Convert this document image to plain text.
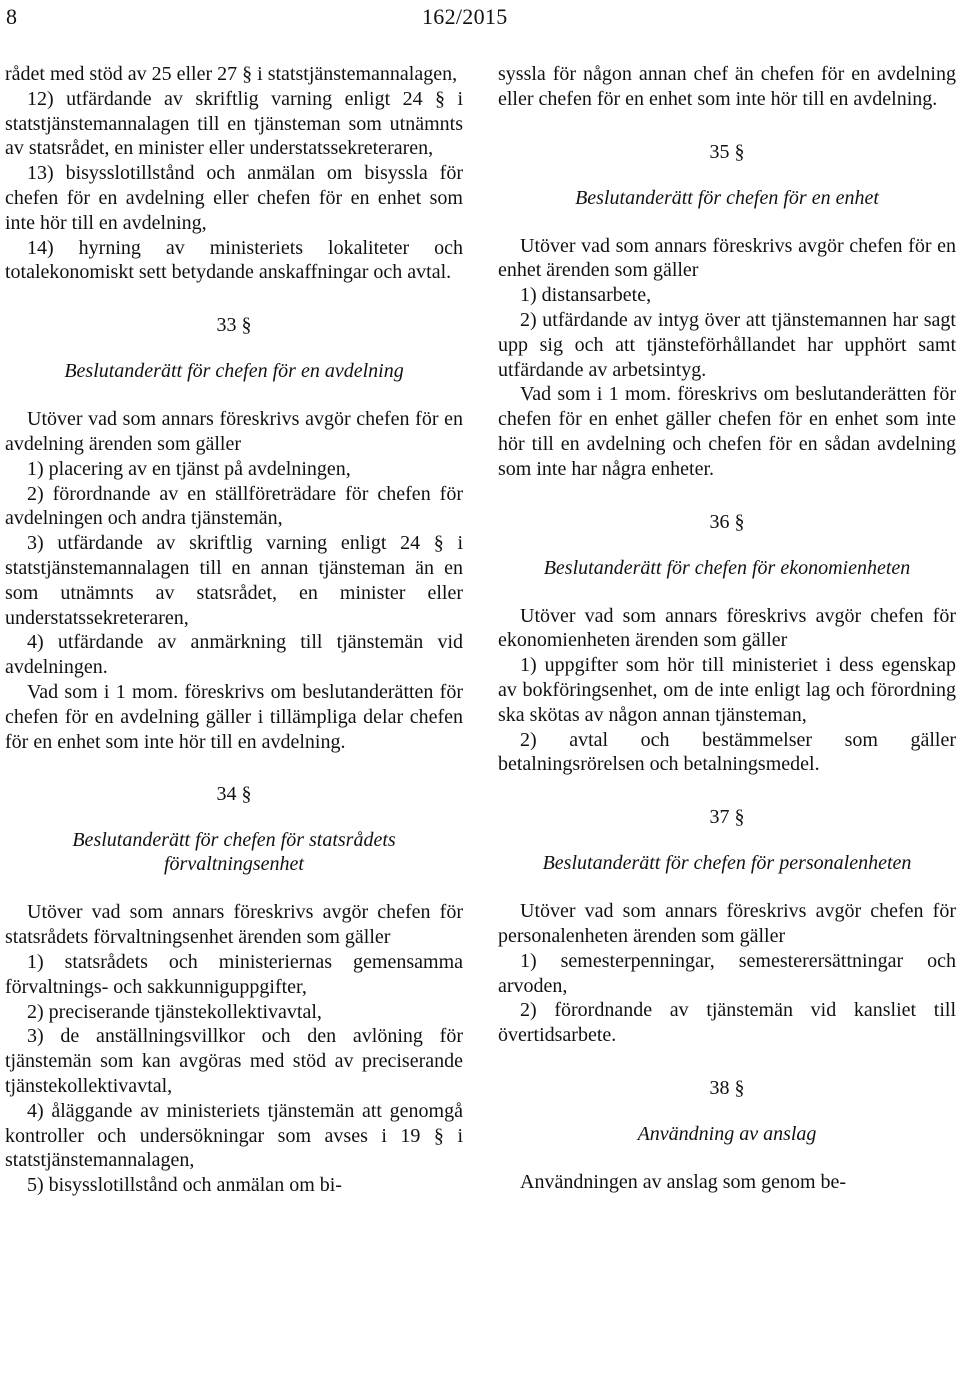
8	162/2015

rådet med stöd av 25 eller 27 § i statstjänstemannalagen,

12) utfärdande av skriftlig varning enligt 24 § i statstjänstemannalagen till en tjänsteman som utnämnts av statsrådet, en minister eller understatssekreteraren,

13) bisysslotillstånd och anmälan om bisyssla för chefen för en avdelning eller chefen för en enhet som inte hör till en avdelning,

14) hyrning av ministeriets lokaliteter och totalekonomiskt sett betydande anskaffningar och avtal.

33 §
Beslutanderätt för chefen för en avdelning

Utöver vad som annars föreskrivs avgör chefen för en avdelning ärenden som gäller

1) placering av en tjänst på avdelningen,

2) förordnande av en ställföreträdare för chefen för avdelningen och andra tjänstemän,

3) utfärdande av skriftlig varning enligt 24 § i statstjänstemannalagen till en annan tjänsteman än en som utnämnts av statsrådet, en minister eller understatssekreteraren,

4) utfärdande av anmärkning till tjänstemän vid avdelningen.

Vad som i 1 mom. föreskrivs om beslutanderätten för chefen för en avdelning gäller i tillämpliga delar chefen för en enhet som inte hör till en avdelning.

34 §
Beslutanderätt för chefen för statsrådets förvaltningsenhet

Utöver vad som annars föreskrivs avgör chefen för statsrådets förvaltningsenhet ärenden som gäller

1) statsrådets och ministeriernas gemensamma förvaltnings- och sakkunniguppgifter,

2) preciserande tjänstekollektivavtal,

3) de anställningsvillkor och den avlöning för tjänstemän som kan avgöras med stöd av preciserande tjänstekollektivavtal,

4) åläggande av ministeriets tjänstemän att genomgå kontroller och undersökningar som avses i 19 § i statstjänstemannalagen,

5) bisysslotillstånd och anmälan om bi-

syssla för någon annan chef än chefen för en avdelning eller chefen för en enhet som inte hör till en avdelning.

35 §
Beslutanderätt för chefen för en enhet

Utöver vad som annars föreskrivs avgör chefen för en enhet ärenden som gäller

1) distansarbete,

2) utfärdande av intyg över att tjänstemannen har sagt upp sig och att tjänsteförhållandet har upphört samt utfärdande av arbetsintyg.

Vad som i 1 mom. föreskrivs om beslutanderätten för chefen för en enhet gäller chefen för en enhet som inte hör till en avdelning och chefen för en sådan avdelning som inte har några enheter.

36 §
Beslutanderätt för chefen för ekonomienheten

Utöver vad som annars föreskrivs avgör chefen för ekonomienheten ärenden som gäller

1) uppgifter som hör till ministeriet i dess egenskap av bokföringsenhet, om de inte enligt lag och förordning ska skötas av någon annan tjänsteman,

2) avtal och bestämmelser som gäller betalningsrörelsen och betalningsmedel.

37 §
Beslutanderätt för chefen för personalenheten

Utöver vad som annars föreskrivs avgör chefen för personalenheten ärenden som gäller

1) semesterpenningar, semesterersättningar och arvoden,

2) förordnande av tjänstemän vid kansliet till övertidsarbete.

38 §
Användning av anslag

Användningen av anslag som genom be-
